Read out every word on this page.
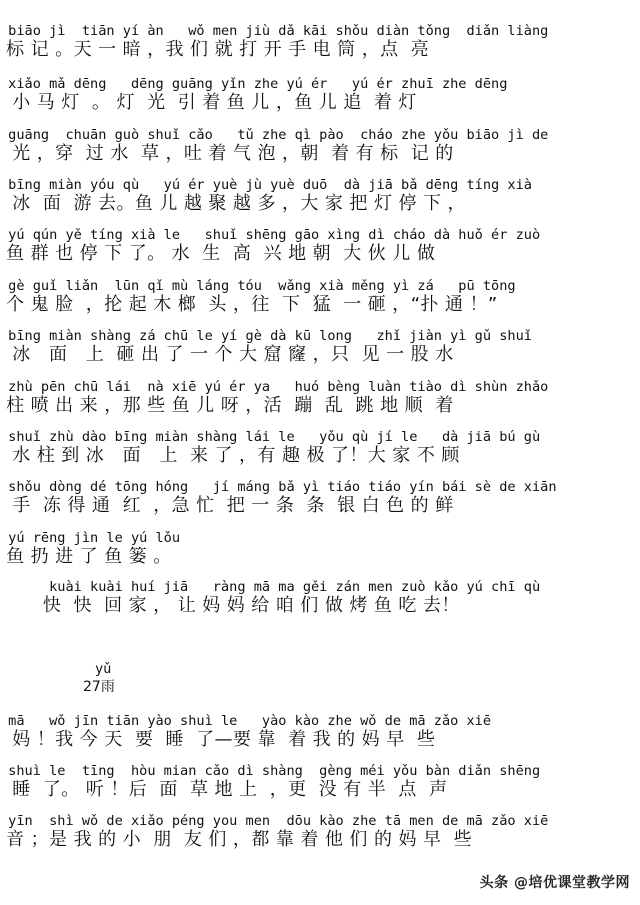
biāo jì  tiān yí àn   wǒ men jiù dǎ kāi shǒu diàn tǒng  diǎn liàng
标 记 。天 一 暗 ，我 们 就 打 开 手 电 筒 ，点  亮
xiǎo mǎ dēng   dēng guāng yǐn zhe yú ér   yú ér zhuī zhe dēng
小 马 灯  。 灯  光  引 着 鱼 儿 ，鱼 儿 追  着 灯
guāng  chuān guò shuǐ cǎo   tǔ zhe qì pào  cháo zhe yǒu biāo jì de
光 ，穿  过 水  草 ，吐 着 气 泡 ，朝  着 有 标  记 的
bīng miàn yóu qù   yú ér yuè jù yuè duō  dà jiā bǎ dēng tíng xià
冰  面  游 去。鱼 儿 越 聚 越 多 ，大 家 把 灯 停 下 ，
yú qún yě tíng xià le   shuǐ shēng gāo xìng dì cháo dà huǒ ér zuò
鱼 群 也 停 下 了。 水  生  高  兴 地 朝  大 伙 儿 做
gè guǐ liǎn  lūn qǐ mù láng tóu  wǎng xià měng yì zá   pū tōng
个 鬼 脸  ，抡 起 木 榔  头 ，往  下  猛  一 砸 ，“扑 通 ！”
bīng miàn shàng zá chū le yí gè dà kū long   zhǐ jiàn yì gǔ shuǐ
冰   面   上  砸 出 了 一 个 大 窟 窿 ，只  见 一 股 水
zhù pēn chū lái  nà xiē yú ér ya   huó bèng luàn tiào dì shùn zhǎo
柱 喷 出 来 ，那 些 鱼 儿 呀 ，活  蹦  乱  跳 地 顺  着
shuǐ zhù dào bīng miàn shàng lái le   yǒu qù jí le   dà jiā bú gù
水 柱 到 冰   面   上  来 了 ，有 趣 极 了！大 家 不 顾
shǒu dòng dé tōng hóng   jí máng bǎ yì tiáo tiáo yín bái sè de xiān
手  冻 得 通  红  ，急 忙  把 一 条  条  银 白 色 的 鲜
yú rēng jìn le yú lǒu
鱼 扔 进 了 鱼 篓 。
kuài kuài huí jiā   ràng mā ma gěi zán men zuò kǎo yú chī qù
快  快  回 家 ， 让 妈 妈 给 咱 们 做 烤 鱼 吃 去！
yǔ
27雨
mā   wǒ jīn tiān yào shuì le   yào kào zhe wǒ de mā zǎo xiē
妈 ！我 今 天  要  睡  了—要 靠  着 我 的 妈 早  些
shuì le  tīng  hòu mian cǎo dì shàng  gèng méi yǒu bàn diǎn shēng
睡  了。 听 ！后  面  草 地 上  ，更  没 有 半  点  声
yīn  shì wǒ de xiǎo péng you men  dōu kào zhe tā men de mā zǎo xiē
音 ；是 我 的 小  朋  友 们 ，都 靠 着 他 们 的 妈 早  些
头条 @培优课堂教学网
